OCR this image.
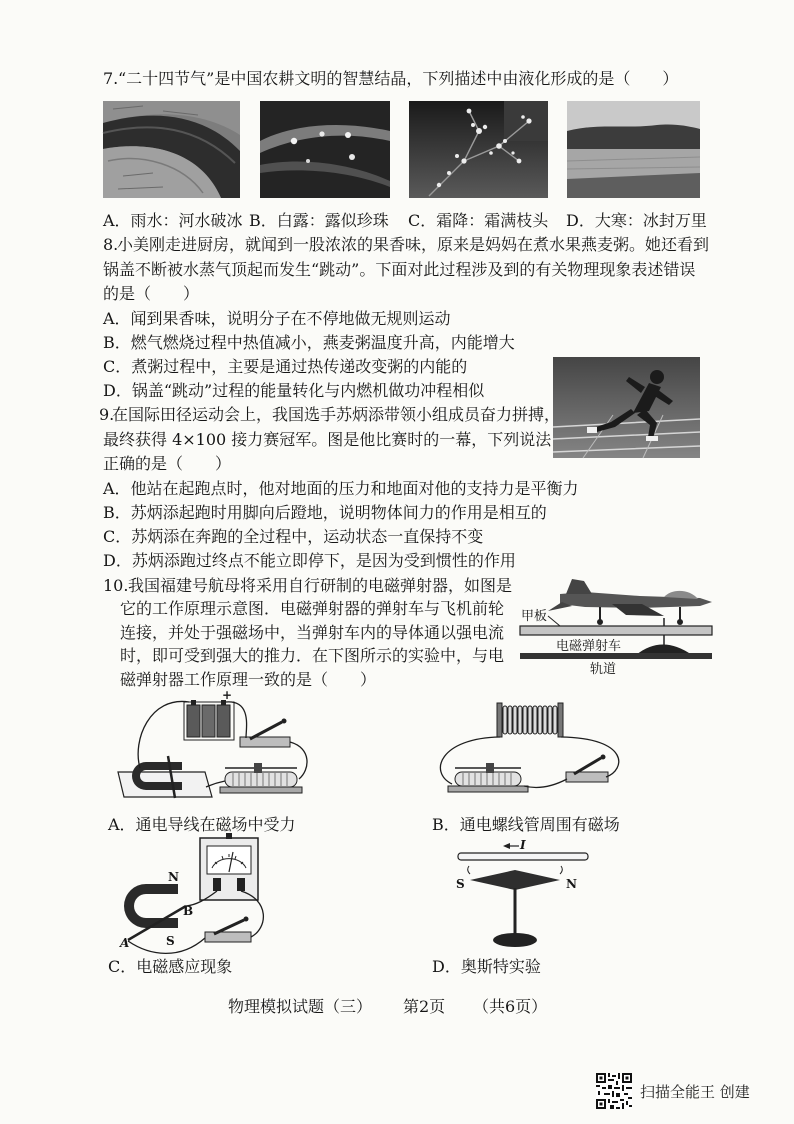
甲板
电磁弹射车
轨道
+
N
B
A	S
I
S	N
7. “二十四节气”是中国农耕文明的智慧结晶，下列描述中由液化形成的是（　　）
A．雨水：河水破冰 B．白露：露似珍珠 C．霜降：霜满枝头 D．大寒：冰封万里
8.
小美刚走进厨房，就闻到一股浓浓的果香味，原来是妈妈在煮水果燕麦粥。她还看到
锅盖不断被水蒸气顶起而发生“跳动”。下面对此过程涉及到的有关物理现象表述错误
的是（　　）
A．闻到果香味，说明分子在不停地做无规则运动
B．燃气燃烧过程中热值减小，燕麦粥温度升高，内能增大
C．煮粥过程中，主要是通过热传递改变粥的内能的
D．锅盖“跳动”过程的能量转化与内燃机做功冲程相似
9.
在国际田径运动会上，我国选手苏炳添带领小组成员奋力拼搏，
最终获得 4×100 接力赛冠军。图是他比赛时的一幕，下列说法
正确的是（　　）
A．他站在起跑点时，他对地面的压力和地面对他的支持力是平衡力
B．苏炳添起跑时用脚向后蹬地，说明物体间力的作用是相互的
C．苏炳添在奔跑的全过程中，运动状态一直保持不变
D．苏炳添跑过终点不能立即停下，是因为受到惯性的作用
10. 我国福建号航母将采用自行研制的电磁弹射器，如图是
它的工作原理示意图．电磁弹射器的弹射车与飞机前轮
连接，并处于强磁场中，当弹射车内的导体通以强电流
时，即可受到强大的推力．在下图所示的实验中，与电
磁弹射器工作原理一致的是（　　）
A．通电导线在磁场中受力	B．通电螺线管周围有磁场
C．电磁感应现象	D．奥斯特实验
物理模拟试题（三） 第2页 （共6页）
扫描全能王 创建
